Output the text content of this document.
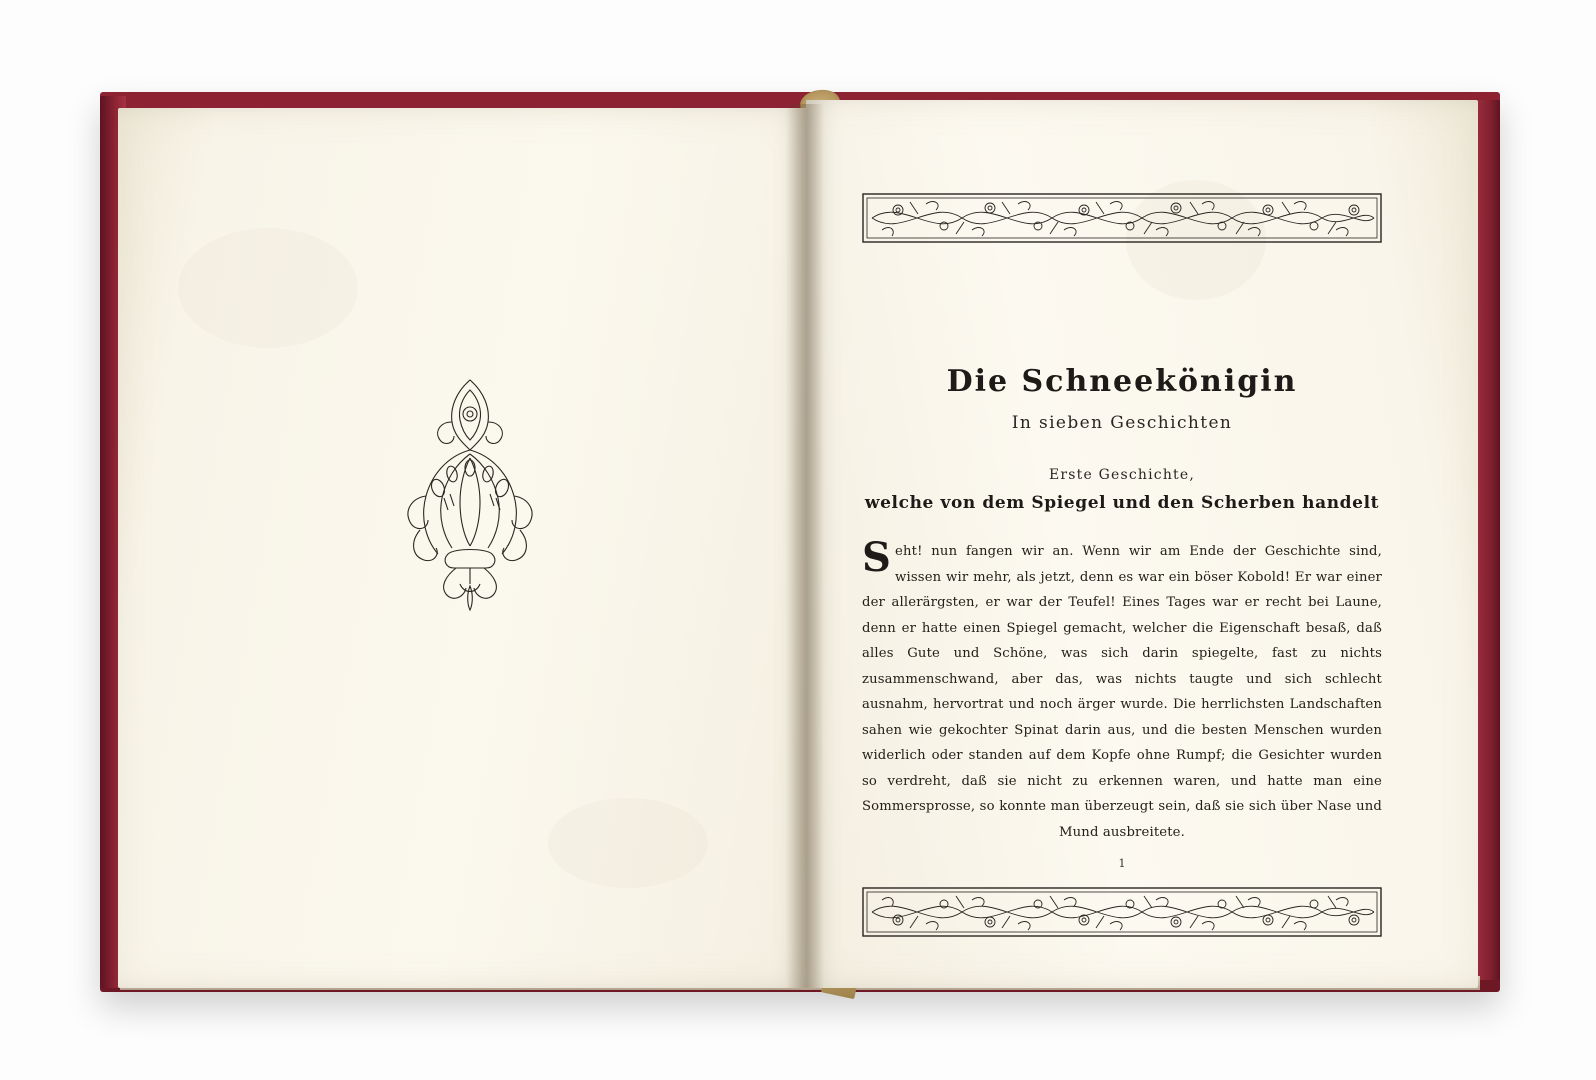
Die Schneekönigin
In sieben Geschichten
Erste Geschichte,
welche von dem Spiegel und den Scherben handelt
Seht! nun fangen wir an. Wenn wir am Ende der Geschichte sind, wissen wir mehr, als jetzt, denn es war ein böser Kobold! Er war einer der allerärgsten, er war der Teufel! Eines Tages war er recht bei Laune, denn er hatte einen Spiegel gemacht, welcher die Eigenschaft besaß, daß alles Gute und Schöne, was sich darin spiegelte, fast zu nichts zusammenschwand, aber das, was nichts taugte und sich schlecht ausnahm, hervortrat und noch ärger wurde. Die herrlichsten Landschaften sahen wie gekochter Spinat darin aus, und die besten Menschen wurden widerlich oder standen auf dem Kopfe ohne Rumpf; die Gesichter wurden so verdreht, daß sie nicht zu erkennen waren, und hatte man eine Sommersprosse, so konnte man überzeugt sein, daß sie sich über Nase und Mund ausbreitete.
1
